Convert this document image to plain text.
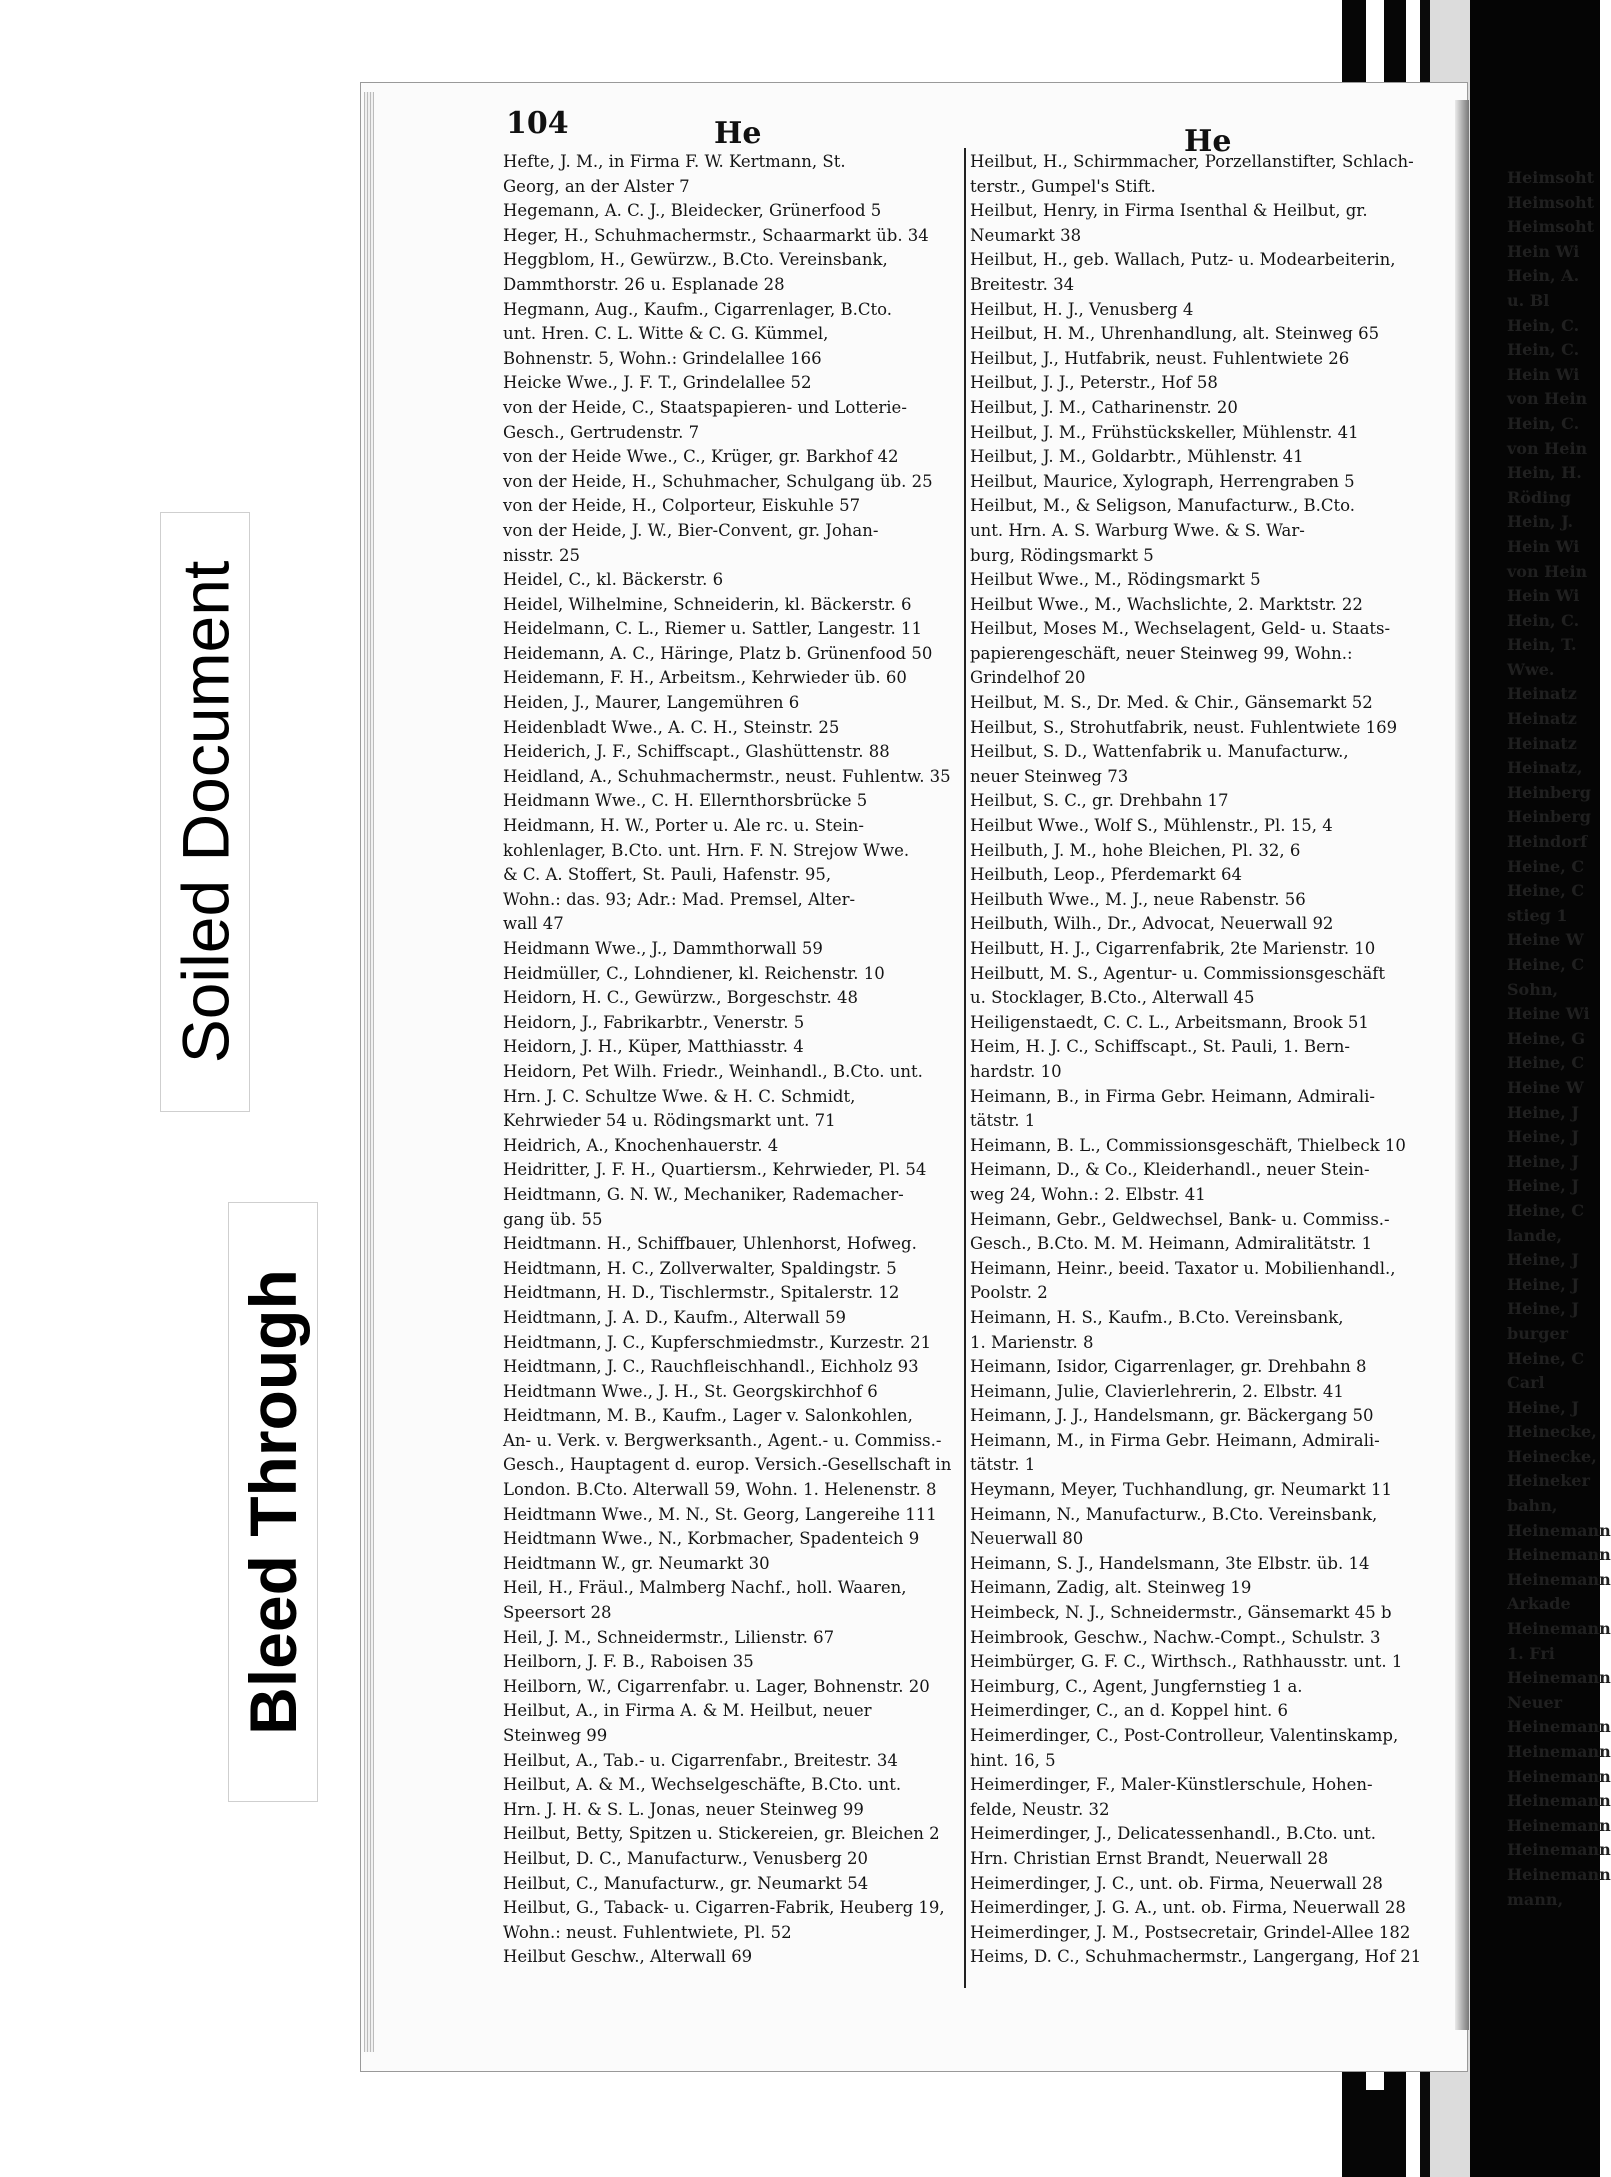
104	He	He
Hefte, J. M., in Firma F. W. Kertmann, St.
Georg, an der Alster 7
Hegemann, A. C. J., Bleidecker, Grünerfood 5
Heger, H., Schuhmachermstr., Schaarmarkt üb. 34
Heggblom, H., Gewürzw., B.Cto. Vereinsbank,
Dammthorstr. 26 u. Esplanade 28
Hegmann, Aug., Kaufm., Cigarrenlager, B.Cto.
unt. Hren. C. L. Witte & C. G. Kümmel,
Bohnenstr. 5, Wohn.: Grindelallee 166
Heicke Wwe., J. F. T., Grindelallee 52
von der Heide, C., Staatspapieren- und Lotterie-
Gesch., Gertrudenstr. 7
von der Heide Wwe., C., Krüger, gr. Barkhof 42
von der Heide, H., Schuhmacher, Schulgang üb. 25
von der Heide, H., Colporteur, Eiskuhle 57
von der Heide, J. W., Bier-Convent, gr. Johan-
nisstr. 25
Heidel, C., kl. Bäckerstr. 6
Heidel, Wilhelmine, Schneiderin, kl. Bäckerstr. 6
Heidelmann, C. L., Riemer u. Sattler, Langestr. 11
Heidemann, A. C., Häringe, Platz b. Grünenfood 50
Heidemann, F. H., Arbeitsm., Kehrwieder üb. 60
Heiden, J., Maurer, Langemühren 6
Heidenbladt Wwe., A. C. H., Steinstr. 25
Heiderich, J. F., Schiffscapt., Glashüttenstr. 88
Heidland, A., Schuhmachermstr., neust. Fuhlentw. 35
Heidmann Wwe., C. H. Ellernthorsbrücke 5
Heidmann, H. W., Porter u. Ale rc. u. Stein-
kohlenlager, B.Cto. unt. Hrn. F. N. Strejow Wwe.
& C. A. Stoffert, St. Pauli, Hafenstr. 95,
Wohn.: das. 93; Adr.: Mad. Premsel, Alter-
wall 47
Heidmann Wwe., J., Dammthorwall 59
Heidmüller, C., Lohndiener, kl. Reichenstr. 10
Heidorn, H. C., Gewürzw., Borgeschstr. 48
Heidorn, J., Fabrikarbtr., Venerstr. 5
Heidorn, J. H., Küper, Matthiasstr. 4
Heidorn, Pet Wilh. Friedr., Weinhandl., B.Cto. unt.
Hrn. J. C. Schultze Wwe. & H. C. Schmidt,
Kehrwieder 54 u. Rödingsmarkt unt. 71
Heidrich, A., Knochenhauerstr. 4
Heidritter, J. F. H., Quartiersm., Kehrwieder, Pl. 54
Heidtmann, G. N. W., Mechaniker, Rademacher-
gang üb. 55
Heidtmann. H., Schiffbauer, Uhlenhorst, Hofweg.
Heidtmann, H. C., Zollverwalter, Spaldingstr. 5
Heidtmann, H. D., Tischlermstr., Spitalerstr. 12
Heidtmann, J. A. D., Kaufm., Alterwall 59
Heidtmann, J. C., Kupferschmiedmstr., Kurzestr. 21
Heidtmann, J. C., Rauchfleischhandl., Eichholz 93
Heidtmann Wwe., J. H., St. Georgskirchhof 6
Heidtmann, M. B., Kaufm., Lager v. Salonkohlen,
An- u. Verk. v. Bergwerksanth., Agent.- u. Commiss.-
Gesch., Hauptagent d. europ. Versich.-Gesellschaft in
London. B.Cto. Alterwall 59, Wohn. 1. Helenenstr. 8
Heidtmann Wwe., M. N., St. Georg, Langereihe 111
Heidtmann Wwe., N., Korbmacher, Spadenteich 9
Heidtmann W., gr. Neumarkt 30
Heil, H., Fräul., Malmberg Nachf., holl. Waaren,
Speersort 28
Heil, J. M., Schneidermstr., Lilienstr. 67
Heilborn, J. F. B., Raboisen 35
Heilborn, W., Cigarrenfabr. u. Lager, Bohnenstr. 20
Heilbut, A., in Firma A. & M. Heilbut, neuer
Steinweg 99
Heilbut, A., Tab.- u. Cigarrenfabr., Breitestr. 34
Heilbut, A. & M., Wechselgeschäfte, B.Cto. unt.
Hrn. J. H. & S. L. Jonas, neuer Steinweg 99
Heilbut, Betty, Spitzen u. Stickereien, gr. Bleichen 2
Heilbut, D. C., Manufacturw., Venusberg 20
Heilbut, C., Manufacturw., gr. Neumarkt 54
Heilbut, G., Taback- u. Cigarren-Fabrik, Heuberg 19,
Wohn.: neust. Fuhlentwiete, Pl. 52
Heilbut Geschw., Alterwall 69
Heilbut, H., Schirmmacher, Porzellanstifter, Schlach-
terstr., Gumpel's Stift.
Heilbut, Henry, in Firma Isenthal & Heilbut, gr.
Neumarkt 38
Heilbut, H., geb. Wallach, Putz- u. Modearbeiterin,
Breitestr. 34
Heilbut, H. J., Venusberg 4
Heilbut, H. M., Uhrenhandlung, alt. Steinweg 65
Heilbut, J., Hutfabrik, neust. Fuhlentwiete 26
Heilbut, J. J., Peterstr., Hof 58
Heilbut, J. M., Catharinenstr. 20
Heilbut, J. M., Frühstückskeller, Mühlenstr. 41
Heilbut, J. M., Goldarbtr., Mühlenstr. 41
Heilbut, Maurice, Xylograph, Herrengraben 5
Heilbut, M., & Seligson, Manufacturw., B.Cto.
unt. Hrn. A. S. Warburg Wwe. & S. War-
burg, Rödingsmarkt 5
Heilbut Wwe., M., Rödingsmarkt 5
Heilbut Wwe., M., Wachslichte, 2. Marktstr. 22
Heilbut, Moses M., Wechselagent, Geld- u. Staats-
papierengeschäft, neuer Steinweg 99, Wohn.:
Grindelhof 20
Heilbut, M. S., Dr. Med. & Chir., Gänsemarkt 52
Heilbut, S., Strohutfabrik, neust. Fuhlentwiete 169
Heilbut, S. D., Wattenfabrik u. Manufacturw.,
neuer Steinweg 73
Heilbut, S. C., gr. Drehbahn 17
Heilbut Wwe., Wolf S., Mühlenstr., Pl. 15, 4
Heilbuth, J. M., hohe Bleichen, Pl. 32, 6
Heilbuth, Leop., Pferdemarkt 64
Heilbuth Wwe., M. J., neue Rabenstr. 56
Heilbuth, Wilh., Dr., Advocat, Neuerwall 92
Heilbutt, H. J., Cigarrenfabrik, 2te Marienstr. 10
Heilbutt, M. S., Agentur- u. Commissionsgeschäft
u. Stocklager, B.Cto., Alterwall 45
Heiligenstaedt, C. C. L., Arbeitsmann, Brook 51
Heim, H. J. C., Schiffscapt., St. Pauli, 1. Bern-
hardstr. 10
Heimann, B., in Firma Gebr. Heimann, Admirali-
tätstr. 1
Heimann, B. L., Commissionsgeschäft, Thielbeck 10
Heimann, D., & Co., Kleiderhandl., neuer Stein-
weg 24, Wohn.: 2. Elbstr. 41
Heimann, Gebr., Geldwechsel, Bank- u. Commiss.-
Gesch., B.Cto. M. M. Heimann, Admiralitätstr. 1
Heimann, Heinr., beeid. Taxator u. Mobilienhandl.,
Poolstr. 2
Heimann, H. S., Kaufm., B.Cto. Vereinsbank,
1. Marienstr. 8
Heimann, Isidor, Cigarrenlager, gr. Drehbahn 8
Heimann, Julie, Clavierlehrerin, 2. Elbstr. 41
Heimann, J. J., Handelsmann, gr. Bäckergang 50
Heimann, M., in Firma Gebr. Heimann, Admirali-
tätstr. 1
Heymann, Meyer, Tuchhandlung, gr. Neumarkt 11
Heimann, N., Manufacturw., B.Cto. Vereinsbank,
Neuerwall 80
Heimann, S. J., Handelsmann, 3te Elbstr. üb. 14
Heimann, Zadig, alt. Steinweg 19
Heimbeck, N. J., Schneidermstr., Gänsemarkt 45 b
Heimbrook, Geschw., Nachw.-Compt., Schulstr. 3
Heimbürger, G. F. C., Wirthsch., Rathhausstr. unt. 1
Heimburg, C., Agent, Jungfernstieg 1 a.
Heimerdinger, C., an d. Koppel hint. 6
Heimerdinger, C., Post-Controlleur, Valentinskamp,
hint. 16, 5
Heimerdinger, F., Maler-Künstlerschule, Hohen-
felde, Neustr. 32
Heimerdinger, J., Delicatessenhandl., B.Cto. unt.
Hrn. Christian Ernst Brandt, Neuerwall 28
Heimerdinger, J. C., unt. ob. Firma, Neuerwall 28
Heimerdinger, J. G. A., unt. ob. Firma, Neuerwall 28
Heimerdinger, J. M., Postsecretair, Grindel-Allee 182
Heims, D. C., Schuhmachermstr., Langergang, Hof 21
Heimsoht
Heimsoht
Heimsoht
Hein Wi
Hein, A.
u. Bl
Hein, C.
Hein, C.
Hein Wi
von Hein
Hein, C.
von Hein
Hein, H.
Röding
Hein, J.
Hein Wi
von Hein
Hein Wi
Hein, C.
Hein, T.
Wwe.
Heinatz
Heinatz
Heinatz
Heinatz,
Heinberg
Heinberg
Heindorf
Heine, C
Heine, C
stieg 1
Heine W
Heine, C
Sohn,
Heine Wi
Heine, G
Heine, C
Heine W
Heine, J
Heine, J
Heine, J
Heine, J
Heine, C
lande,
Heine, J
Heine, J
Heine, J
burger
Heine, C
Carl
Heine, J
Heinecke,
Heinecke,
Heineker
bahn,
Heinemann
Heinemann
Heinemann
Arkade
Heinemann
1. Fri
Heinemann
Neuer
Heinemann
Heinemann
Heinemann
Heinemann
Heinemann
Heinemann
Heinemann
mann,
Soiled Document
Bleed Through
